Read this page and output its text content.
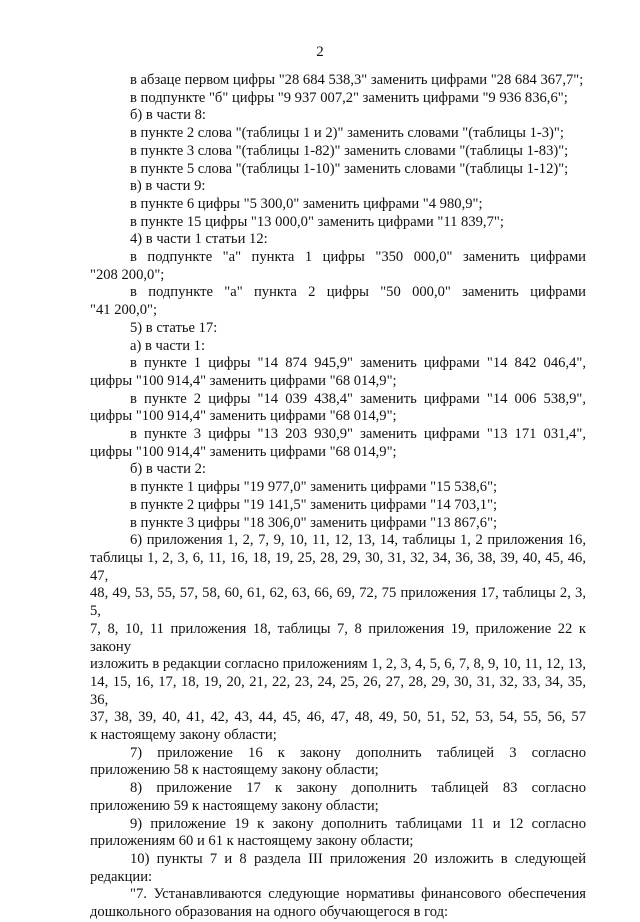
2
в абзаце первом цифры "28 684 538,3" заменить цифрами "28 684 367,7";
в подпункте "б" цифры "9 937 007,2" заменить цифрами "9 936 836,6";
б) в части 8:
в пункте 2 слова "(таблицы 1 и 2)" заменить словами "(таблицы 1-3)";
в пункте 3 слова "(таблицы 1-82)" заменить словами "(таблицы 1-83)";
в пункте 5 слова "(таблицы 1-10)" заменить словами "(таблицы 1-12)";
в) в части 9:
в пункте 6 цифры "5 300,0" заменить цифрами "4 980,9";
в пункте 15 цифры "13 000,0" заменить цифрами "11 839,7";
4) в части 1 статьи 12:
в подпункте "а" пункта 1 цифры "350 000,0" заменить цифрами
"208 200,0";
в подпункте "а" пункта 2 цифры "50 000,0" заменить цифрами
"41 200,0";
5) в статье 17:
а) в части 1:
в пункте 1 цифры "14 874 945,9" заменить цифрами "14 842 046,4",
цифры "100 914,4" заменить цифрами "68 014,9";
в пункте 2 цифры "14 039 438,4" заменить цифрами "14 006 538,9",
цифры "100 914,4" заменить цифрами "68 014,9";
в пункте 3 цифры "13 203 930,9" заменить цифрами "13 171 031,4",
цифры "100 914,4" заменить цифрами "68 014,9";
б) в части 2:
в пункте 1 цифры "19 977,0" заменить цифрами "15 538,6";
в пункте 2 цифры "19 141,5" заменить цифрами "14 703,1";
в пункте 3 цифры "18 306,0" заменить цифрами "13 867,6";
6) приложения 1, 2, 7, 9, 10, 11, 12, 13, 14, таблицы 1, 2 приложения 16,
таблицы 1, 2, 3, 6, 11, 16, 18, 19, 25, 28, 29, 30, 31, 32, 34, 36, 38, 39, 40, 45, 46, 47,
48, 49, 53, 55, 57, 58, 60, 61, 62, 63, 66, 69, 72, 75 приложения 17, таблицы 2, 3, 5,
7, 8, 10, 11 приложения 18, таблицы 7, 8 приложения 19, приложение 22 к закону
изложить в редакции согласно приложениям 1, 2, 3, 4, 5, 6, 7, 8, 9, 10, 11, 12, 13,
14, 15, 16, 17, 18, 19, 20, 21, 22, 23, 24, 25, 26, 27, 28, 29, 30, 31, 32, 33, 34, 35, 36,
37, 38, 39, 40, 41, 42, 43, 44, 45, 46, 47, 48, 49, 50, 51, 52, 53, 54, 55, 56, 57
к настоящему закону области;
7) приложение 16 к закону дополнить таблицей 3 согласно
приложению 58 к настоящему закону области;
8) приложение 17 к закону дополнить таблицей 83 согласно
приложению 59 к настоящему закону области;
9) приложение 19 к закону дополнить таблицами 11 и 12 согласно
приложениям 60 и 61 к настоящему закону области;
10) пункты 7 и 8 раздела III приложения 20 изложить в следующей
редакции:
"7. Устанавливаются следующие нормативы финансового обеспечения
дошкольного образования на одного обучающегося в год:
